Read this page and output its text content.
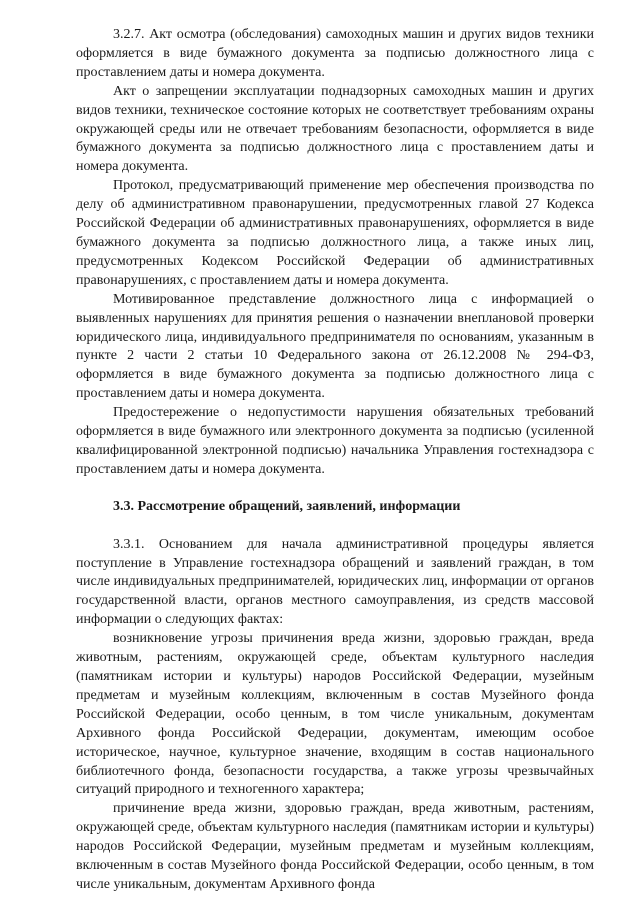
3.2.7. Акт осмотра (обследования) самоходных машин и других видов техники оформляется в виде бумажного документа за подписью должностного лица с проставлением даты и номера документа.

Акт о запрещении эксплуатации поднадзорных самоходных машин и других видов техники, техническое состояние которых не соответствует требованиям охраны окружающей среды или не отвечает требованиям безопасности, оформляется в виде бумажного документа за подписью должностного лица с проставлением даты и номера документа.

Протокол, предусматривающий применение мер обеспечения производства по делу об административном правонарушении, предусмотренных главой 27 Кодекса Российской Федерации об административных правонарушениях, оформляется в виде бумажного документа за подписью должностного лица, а также иных лиц, предусмотренных Кодексом Российской Федерации об административных правонарушениях, с проставлением даты и номера документа.

Мотивированное представление должностного лица с информацией о выявленных нарушениях для принятия решения о назначении внеплановой проверки юридического лица, индивидуального предпринимателя по основаниям, указанным в пункте 2 части 2 статьи 10 Федерального закона от 26.12.2008 № 294-ФЗ, оформляется в виде бумажного документа за подписью должностного лица с проставлением даты и номера документа.

Предостережение о недопустимости нарушения обязательных требований оформляется в виде бумажного или электронного документа за подписью (усиленной квалифицированной электронной подписью) начальника Управления гостехнадзора с проставлением даты и номера документа.

3.3. Рассмотрение обращений, заявлений, информации

3.3.1. Основанием для начала административной процедуры является поступление в Управление гостехнадзора обращений и заявлений граждан, в том числе индивидуальных предпринимателей, юридических лиц, информации от органов государственной власти, органов местного самоуправления, из средств массовой информации о следующих фактах:

возникновение угрозы причинения вреда жизни, здоровью граждан, вреда животным, растениям, окружающей среде, объектам культурного наследия (памятникам истории и культуры) народов Российской Федерации, музейным предметам и музейным коллекциям, включенным в состав Музейного фонда Российской Федерации, особо ценным, в том числе уникальным, документам Архивного фонда Российской Федерации, документам, имеющим особое историческое, научное, культурное значение, входящим в состав национального библиотечного фонда, безопасности государства, а также угрозы чрезвычайных ситуаций природного и техногенного характера;

причинение вреда жизни, здоровью граждан, вреда животным, растениям, окружающей среде, объектам культурного наследия (памятникам истории и культуры) народов Российской Федерации, музейным предметам и музейным коллекциям, включенным в состав Музейного фонда Российской Федерации, особо ценным, в том числе уникальным, документам Архивного фонда
